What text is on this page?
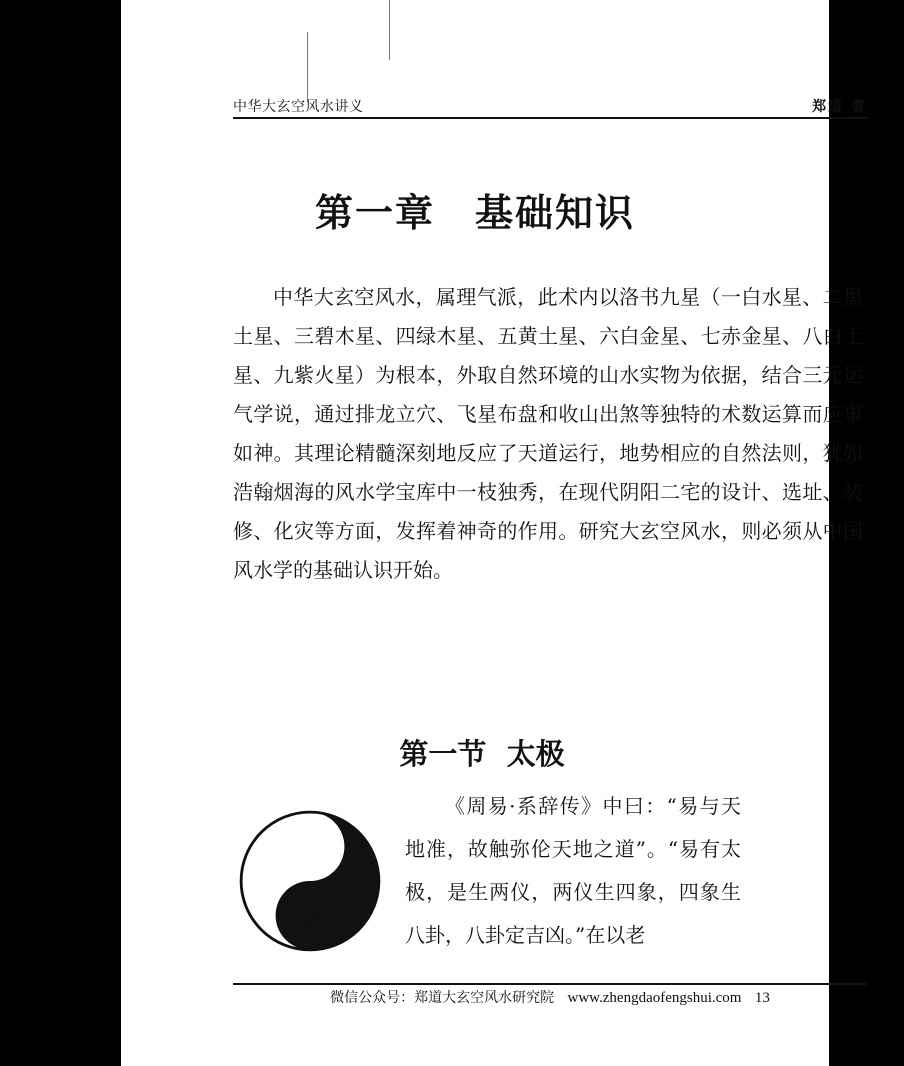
中华大玄空风水讲义	郑道 著
第一章　基础知识

中华大玄空风水，属理气派，此术内以洛书九星（一白水星、二黑土星、三碧木星、四绿木星、五黄土星、六白金星、七赤金星、八白土星、九紫火星）为根本，外取自然环境的山水实物为依据，结合三元运气学说，通过排龙立穴、飞星布盘和收山出煞等独特的术数运算而应事如神。其理论精髓深刻地反应了天道运行，地势相应的自然法则，犹如浩翰烟海的风水学宝库中一枝独秀，在现代阴阳二宅的设计、选址、装修、化灾等方面，发挥着神奇的作用。研究大玄空风水，则必须从中国风水学的基础认识开始。

第一节  太极

《周易·系辞传》中曰：“易与天地准，故触弥伦天地之道”。“易有太极，是生两仪，两仪生四象，四象生八卦，八卦定吉凶。”在以老

微信公众号：郑道大玄空风水研究院 www.zhengdaofengshui.com 13
